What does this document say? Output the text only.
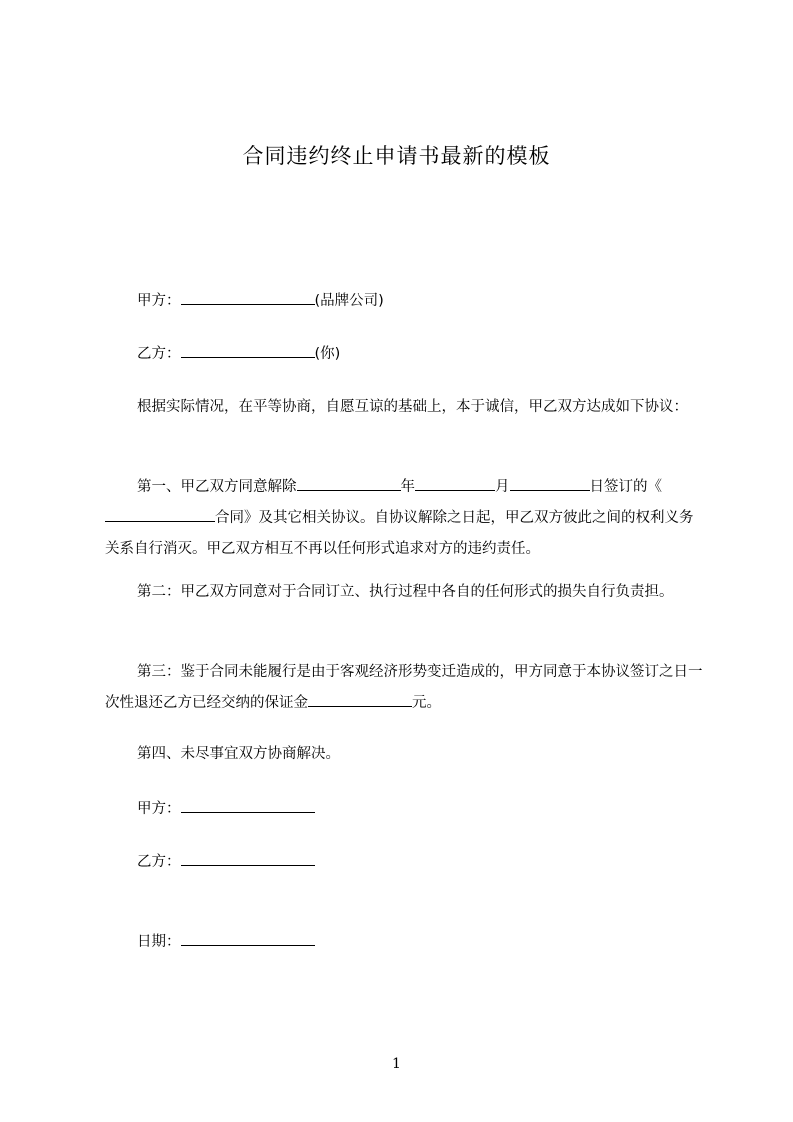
合同违约终止申请书最新的模板
甲方：	(品牌公司)
乙方：	(你)
根据实际情况，在平等协商，自愿互谅的基础上，本于诚信，甲乙双方达成如下协议：
第一、甲乙双方同意解除	年	月	日签订的《合同》及其它相关协议。自协议解除之日起，甲乙双方彼此之间的权利义务关系自行消灭。甲乙双方相互不再以任何形式追求对方的违约责任。
第二：甲乙双方同意对于合同订立、执行过程中各自的任何形式的损失自行负责担。
第三：鉴于合同未能履行是由于客观经济形势变迁造成的，甲方同意于本协议签订之日一次性退还乙方已经交纳的保证金	元。
第四、未尽事宜双方协商解决。
甲方：
乙方：
日期：
1
